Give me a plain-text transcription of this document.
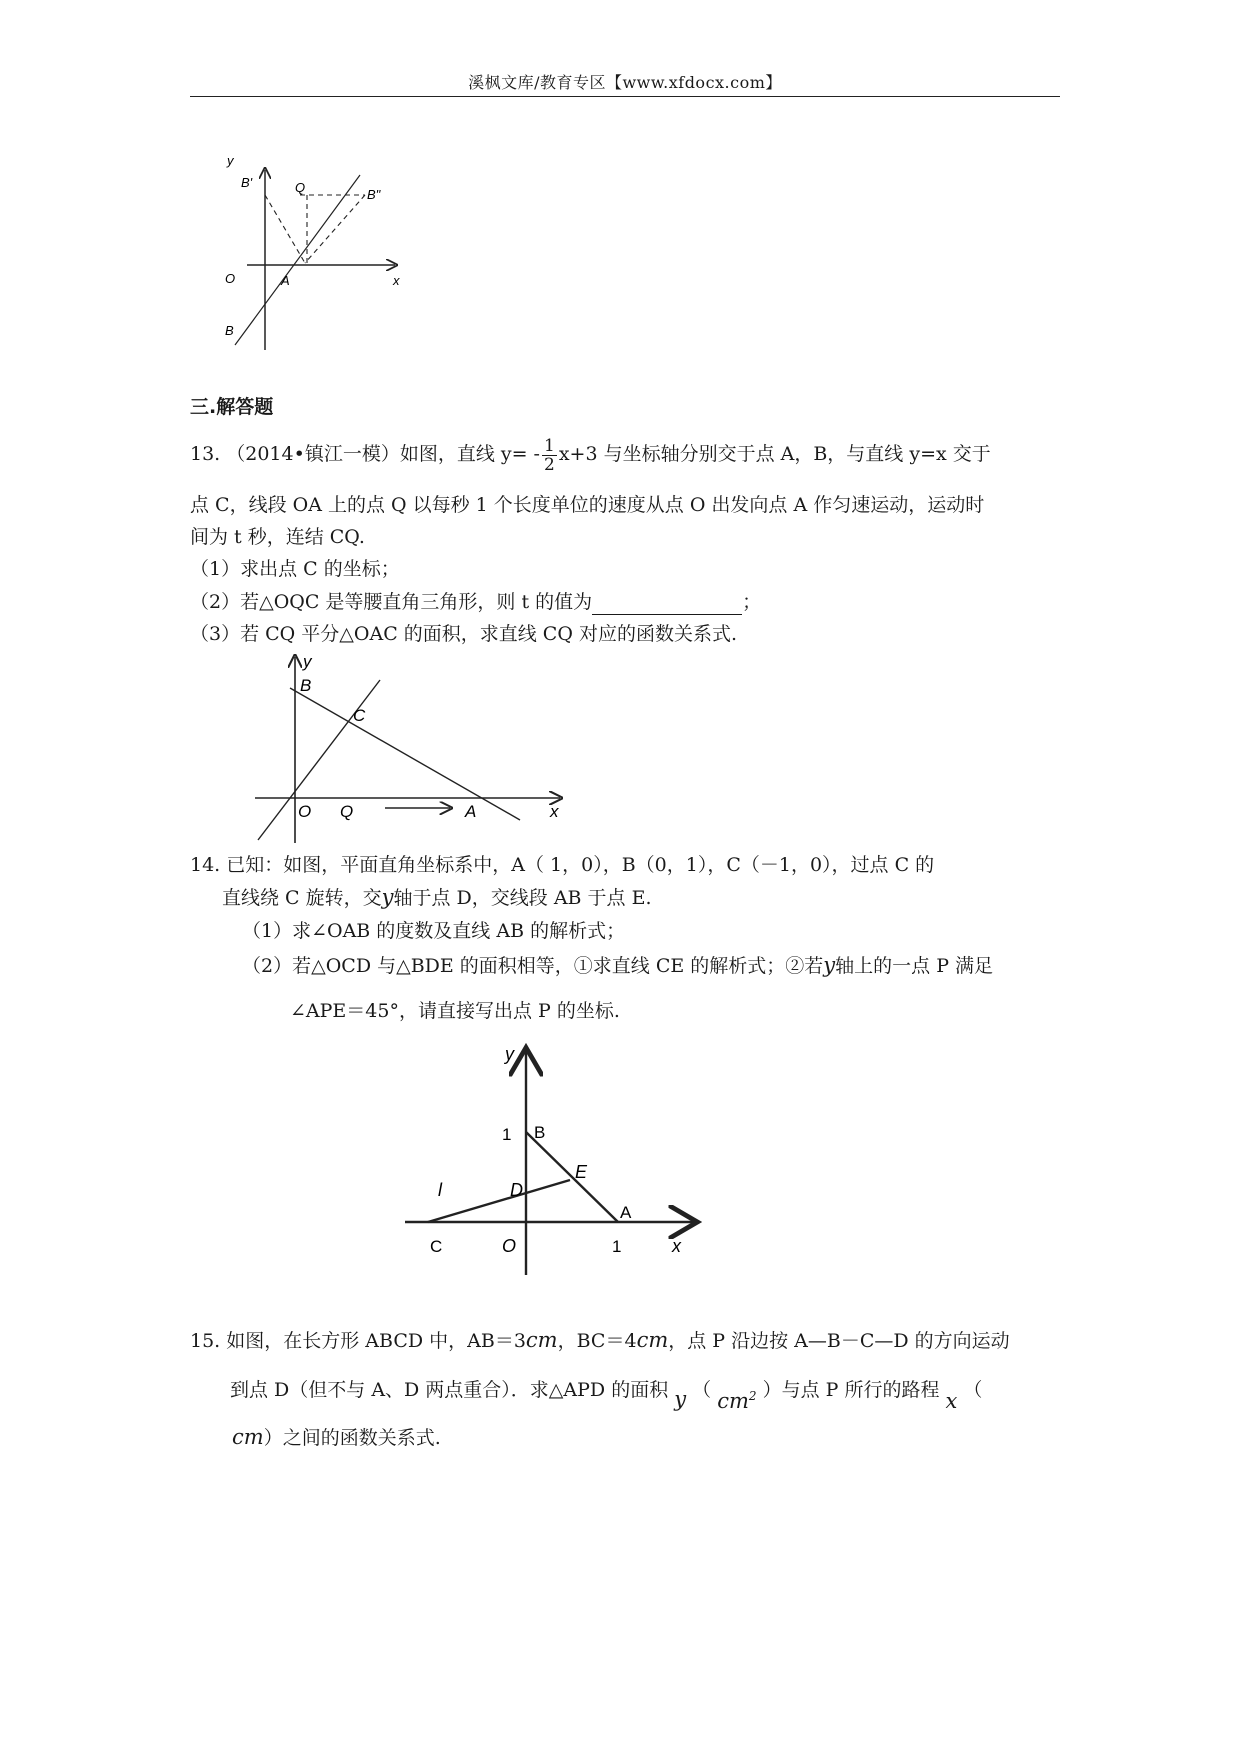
溪枫文库/教育专区【www.xfdocx.com】
y
B'	Q	B"
O	A	x
B
三.解答题
13. （2014•镇江一模）如图，直线 $y= - \frac{1}{2} x+3$ 与坐标轴分别交于点 A，B，与直线 y=x 交于
点 C，线段 OA 上的点 Q 以每秒 1 个长度单位的速度从点 O 出发向点 A 作匀速运动，运动时
间为 t 秒，连结 CQ.
（1）求出点 C 的坐标；
（2）若△OQC 是等腰直角三角形，则 t 的值为	；
（3）若 CQ 平分△OAC 的面积，求直线 CQ 对应的函数关系式.
y
B
C
O Q	A	x
14. 已知：如图，平面直角坐标系中，A（ 1，0），B（0，1），C（－1，0），过点 C 的
直线绕 C 旋转，交y轴于点 D，交线段 AB 于点 E.
（1）求∠OAB 的度数及直线 AB 的解析式；
（2）若△OCD 与△BDE 的面积相等，①求直线 CE 的解析式；②若y轴上的一点 P 满足
∠APE＝45°，请直接写出点 P 的坐标.
y
1 B
E
D
l
A
C	O	1	x
15. 如图，在长方形 ABCD 中，AB＝3cm，BC＝4cm，点 P 沿边按 A—B－C—D 的方向运动
到点 D（但不与 A、D 两点重合）．求△APD 的面积 y （ $cm^2$ ）与点 P 所行的路程 x （
cm）之间的函数关系式.
